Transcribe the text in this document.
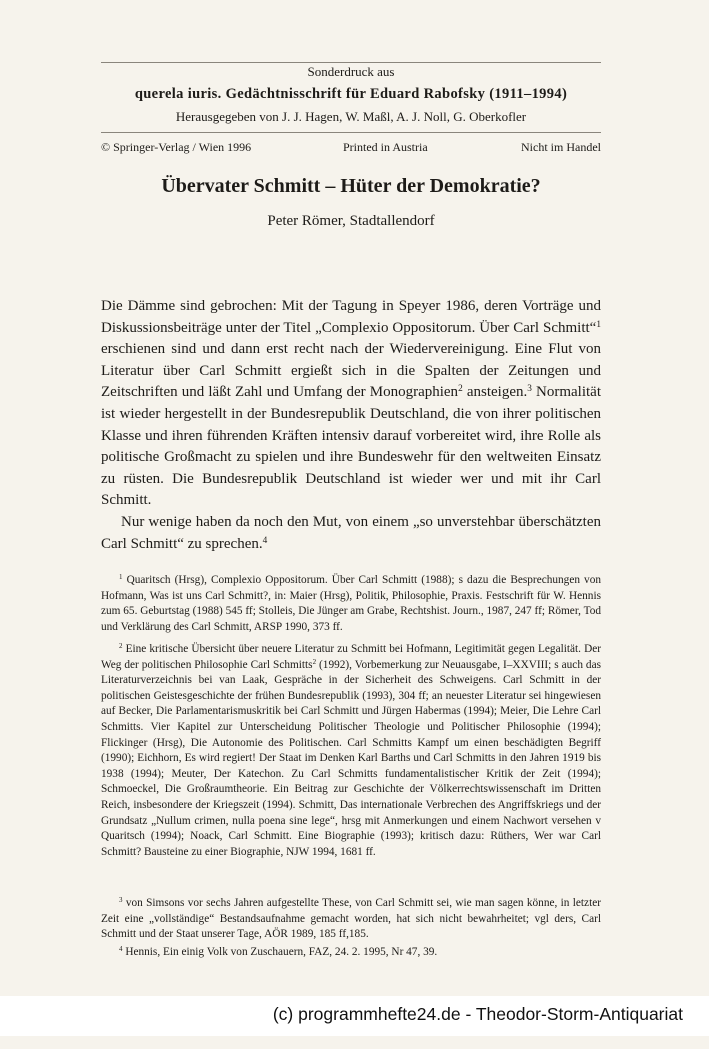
Sonderdruck aus
querela iuris. Gedächtnisschrift für Eduard Rabofsky (1911–1994)
Herausgegeben von J. J. Hagen, W. Maßl, A. J. Noll, G. Oberkofler
© Springer-Verlag / Wien 1996	Printed in Austria	Nicht im Handel
Übervater Schmitt – Hüter der Demokratie?
Peter Römer, Stadtallendorf

Die Dämme sind gebrochen: Mit der Tagung in Speyer 1986, deren Vorträge und Diskussionsbeiträge unter der Titel „Complexio Oppositorum. Über Carl Schmitt“$^1$ erschienen sind und dann erst recht nach der Wiedervereinigung. Eine Flut von Literatur über Carl Schmitt ergießt sich in die Spalten der Zeitungen und Zeitschriften und läßt Zahl und Umfang der Monographien$^2$ ansteigen.$^3$ Normalität ist wieder hergestellt in der Bundesrepublik Deutschland, die von ihrer politischen Klasse und ihren führenden Kräften intensiv darauf vorbereitet wird, ihre Rolle als politische Großmacht zu spielen und ihre Bundeswehr für den weltweiten Einsatz zu rüsten. Die Bundesrepublik Deutschland ist wieder wer und mit ihr Carl Schmitt.

Nur wenige haben da noch den Mut, von einem „so unverstehbar überschätzten Carl Schmitt“ zu sprechen.$^4$

$^1$ Quaritsch (Hrsg), Complexio Oppositorum. Über Carl Schmitt (1988); s dazu die Besprechungen von Hofmann, Was ist uns Carl Schmitt?, in: Maier (Hrsg), Politik, Philosophie, Praxis. Festschrift für W. Hennis zum 65. Geburtstag (1988) 545 ff; Stolleis, Die Jünger am Grabe, Rechtshist. Journ., 1987, 247 ff; Römer, Tod und Verklärung des Carl Schmitt, ARSP 1990, 373 ff.

$^2$ Eine kritische Übersicht über neuere Literatur zu Schmitt bei Hofmann, Legitimität gegen Legalität. Der Weg der politischen Philosophie Carl Schmitts$^2$ (1992), Vorbemerkung zur Neuausgabe, I–XXVIII; s auch das Literaturverzeichnis bei van Laak, Gespräche in der Sicherheit des Schweigens. Carl Schmitt in der politischen Geistesgeschichte der frühen Bundesrepublik (1993), 304 ff; an neuester Literatur sei hingewiesen auf Becker, Die Parlamentarismuskritik bei Carl Schmitt und Jürgen Habermas (1994); Meier, Die Lehre Carl Schmitts. Vier Kapitel zur Unterscheidung Politischer Theologie und Politischer Philosophie (1994); Flickinger (Hrsg), Die Autonomie des Politischen. Carl Schmitts Kampf um einen beschädigten Begriff (1990); Eichhorn, Es wird regiert! Der Staat im Denken Karl Barths und Carl Schmitts in den Jahren 1919 bis 1938 (1994); Meuter, Der Katechon. Zu Carl Schmitts fundamentalistischer Kritik der Zeit (1994); Schmoeckel, Die Großraumtheorie. Ein Beitrag zur Geschichte der Völkerrechtswissenschaft im Dritten Reich, insbesondere der Kriegszeit (1994). Schmitt, Das internationale Verbrechen des Angriffskriegs und der Grundsatz „Nullum crimen, nulla poena sine lege“, hrsg mit Anmerkungen und einem Nachwort versehen v Quaritsch (1994); Noack, Carl Schmitt. Eine Biographie (1993); kritisch dazu: Rüthers, Wer war Carl Schmitt? Bausteine zu einer Biographie, NJW 1994, 1681 ff.

$^3$ von Simsons vor sechs Jahren aufgestellte These, von Carl Schmitt sei, wie man sagen könne, in letzter Zeit eine „vollständige“ Bestandsaufnahme gemacht worden, hat sich nicht bewahrheitet; vgl ders, Carl Schmitt und der Staat unserer Tage, AÖR 1989, 185 ff,185.

$^4$ Hennis, Ein einig Volk von Zuschauern, FAZ, 24. 2. 1995, Nr 47, 39.

(c) programmhefte24.de - Theodor-Storm-Antiquariat
